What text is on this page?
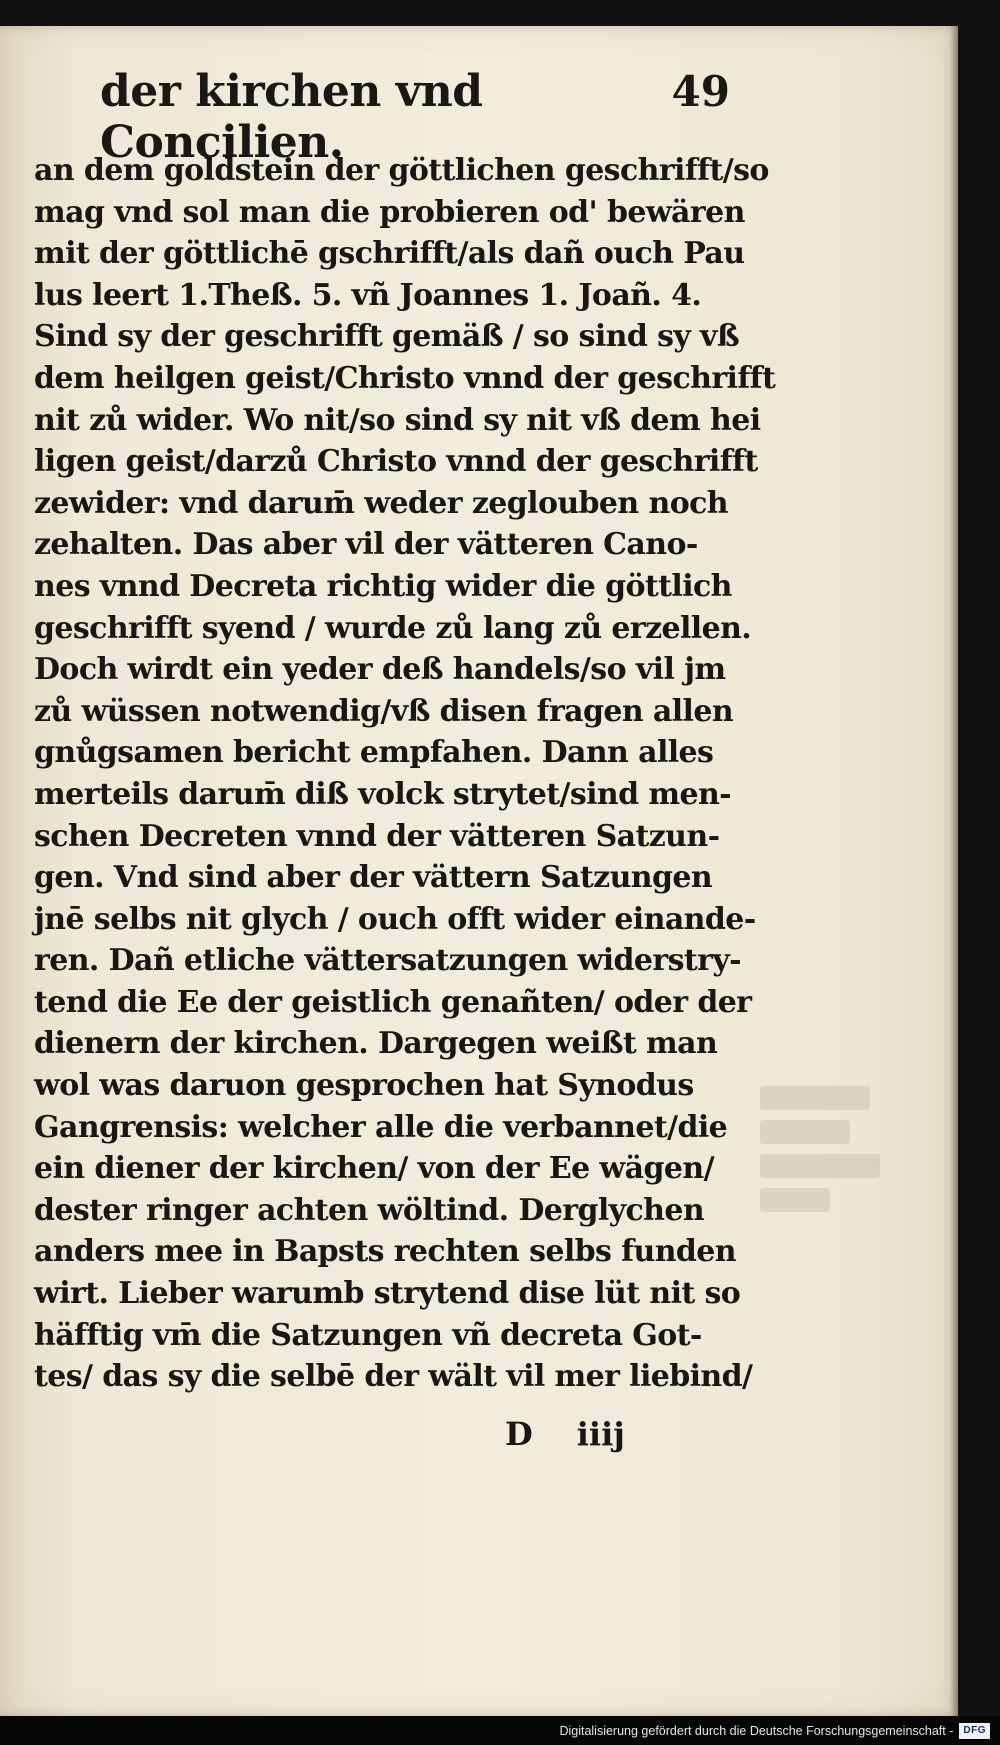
der kirchen vnd Concilien.
49
an dem goldstein der göttlichen geschrifft/so
mag vnd sol man die probieren od' bewären
mit der göttlichē gschrifft/als dañ ouch Pau
lus leert 1.Theß. 5. vñ Joannes 1. Joañ. 4.
Sind sy der geschrifft gemäß / so sind sy vß
dem heilgen geist/Christo vnnd der geschrifft
nit zů wider. Wo nit/so sind sy nit vß dem hei
ligen geist/darzů Christo vnnd der geschrifft
zewider: vnd darum̄ weder zeglouben noch
zehalten. Das aber vil der vätteren Cano-
nes vnnd Decreta richtig wider die göttlich
geschrifft syend / wurde zů lang zů erzellen.
Doch wirdt ein yeder deß handels/so vil jm
zů wüssen notwendig/vß disen fragen allen
gnůgsamen bericht empfahen. Dann alles
merteils darum̄ diß volck strytet/sind men-
schen Decreten vnnd der vätteren Satzun-
gen. Vnd sind aber der vättern Satzungen
jnē selbs nit glych / ouch offt wider einande-
ren. Dañ etliche vättersatzungen widerstry-
tend die Ee der geistlich genañten/ oder der
dienern der kirchen. Dargegen weißt man
wol was daruon gesprochen hat Synodus
Gangrensis: welcher alle die verbannet/die
ein diener der kirchen/ von der Ee wägen/
dester ringer achten wöltind. Derglychen
anders mee in Bapsts rechten selbs funden
wirt. Lieber warumb strytend dise lüt nit so
häfftig vm̄ die Satzungen vñ decreta Got-
tes/ das sy die selbē der wält vil mer liebind/
D iiij
Digitalisierung gefördert durch die Deutsche Forschungsgemeinschaft -	DFG
